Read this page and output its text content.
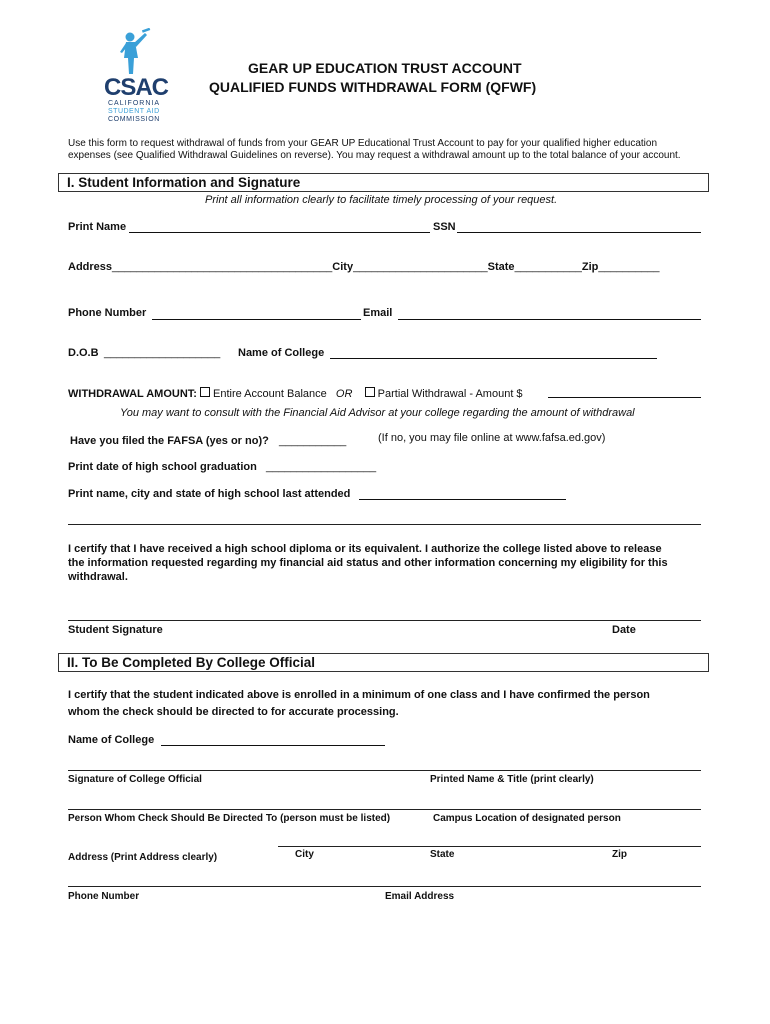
CSAC
CALIFORNIA
STUDENT AID
COMMISSION
GEAR UP EDUCATION TRUST ACCOUNT
QUALIFIED FUNDS WITHDRAWAL FORM (QFWF)
Use this form to request withdrawal of funds from your GEAR UP Educational Trust Account to pay for your qualified higher education
expenses (see Qualified Withdrawal Guidelines on reverse). You may request a withdrawal amount up to the total balance of your account.
I. Student Information and Signature
Print all information clearly to facilitate timely processing of your request.
Print Name	SSN
Address____________________________________City______________________State___________Zip__________
Phone Number	Email
D.O.B ___________________ Name of College
WITHDRAWAL AMOUNT: Entire Account Balance OR Partial Withdrawal - Amount $
You may want to consult with the Financial Aid Advisor at your college regarding the amount of withdrawal
Have you filed the FAFSA (yes or no)? ___________	(If no, you may file online at www.fafsa.ed.gov)
Print date of high school graduation __________________
Print name, city and state of high school last attended
I certify that I have received a high school diploma or its equivalent. I authorize the college listed above to release
the information requested regarding my financial aid status and other information concerning my eligibility for this
withdrawal.
Student Signature	Date
II. To Be Completed By College Official
I certify that the student indicated above is enrolled in a minimum of one class and I have confirmed the person
whom the check should be directed to for accurate processing.
Name of College
Signature of College Official	Printed Name & Title (print clearly)
Person Whom Check Should Be Directed To (person must be listed)	Campus Location of designated person
Address (Print Address clearly)	City	State	Zip
Phone Number	Email Address
